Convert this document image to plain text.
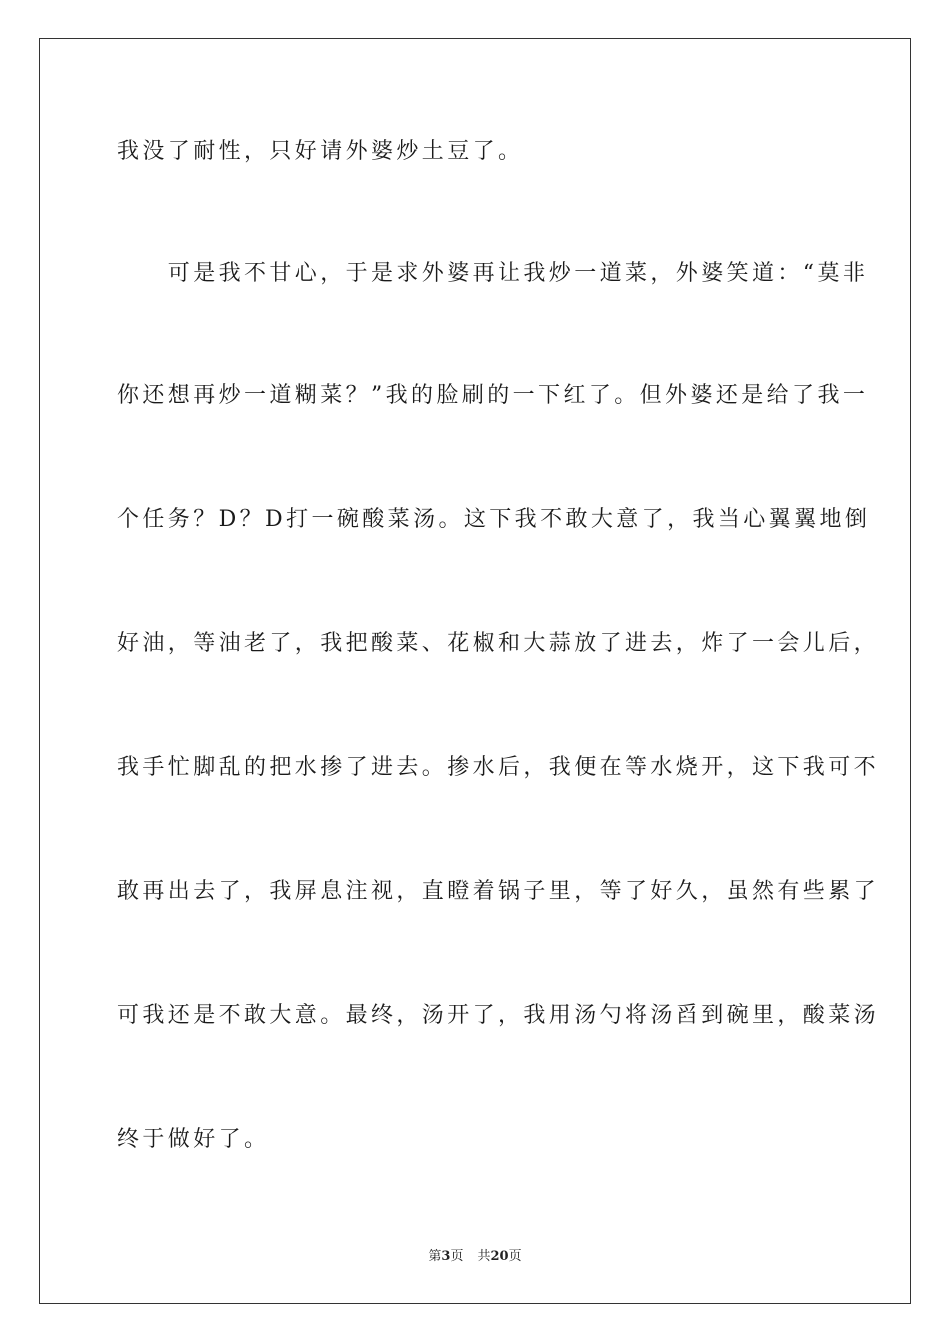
我没了耐性，只好请外婆炒土豆了。
　　可是我不甘心，于是求外婆再让我炒一道菜，外婆笑道：“莫非
你还想再炒一道糊菜？”我的脸刷的一下红了。但外婆还是给了我一
个任务？D？D打一碗酸菜汤。这下我不敢大意了，我当心翼翼地倒
好油，等油老了，我把酸菜、花椒和大蒜放了进去，炸了一会儿后，
我手忙脚乱的把水掺了进去。掺水后，我便在等水烧开，这下我可不
敢再出去了，我屏息注视，直瞪着锅子里，等了好久，虽然有些累了
可我还是不敢大意。最终，汤开了，我用汤勺将汤舀到碗里，酸菜汤
终于做好了。
第3页 共20页
